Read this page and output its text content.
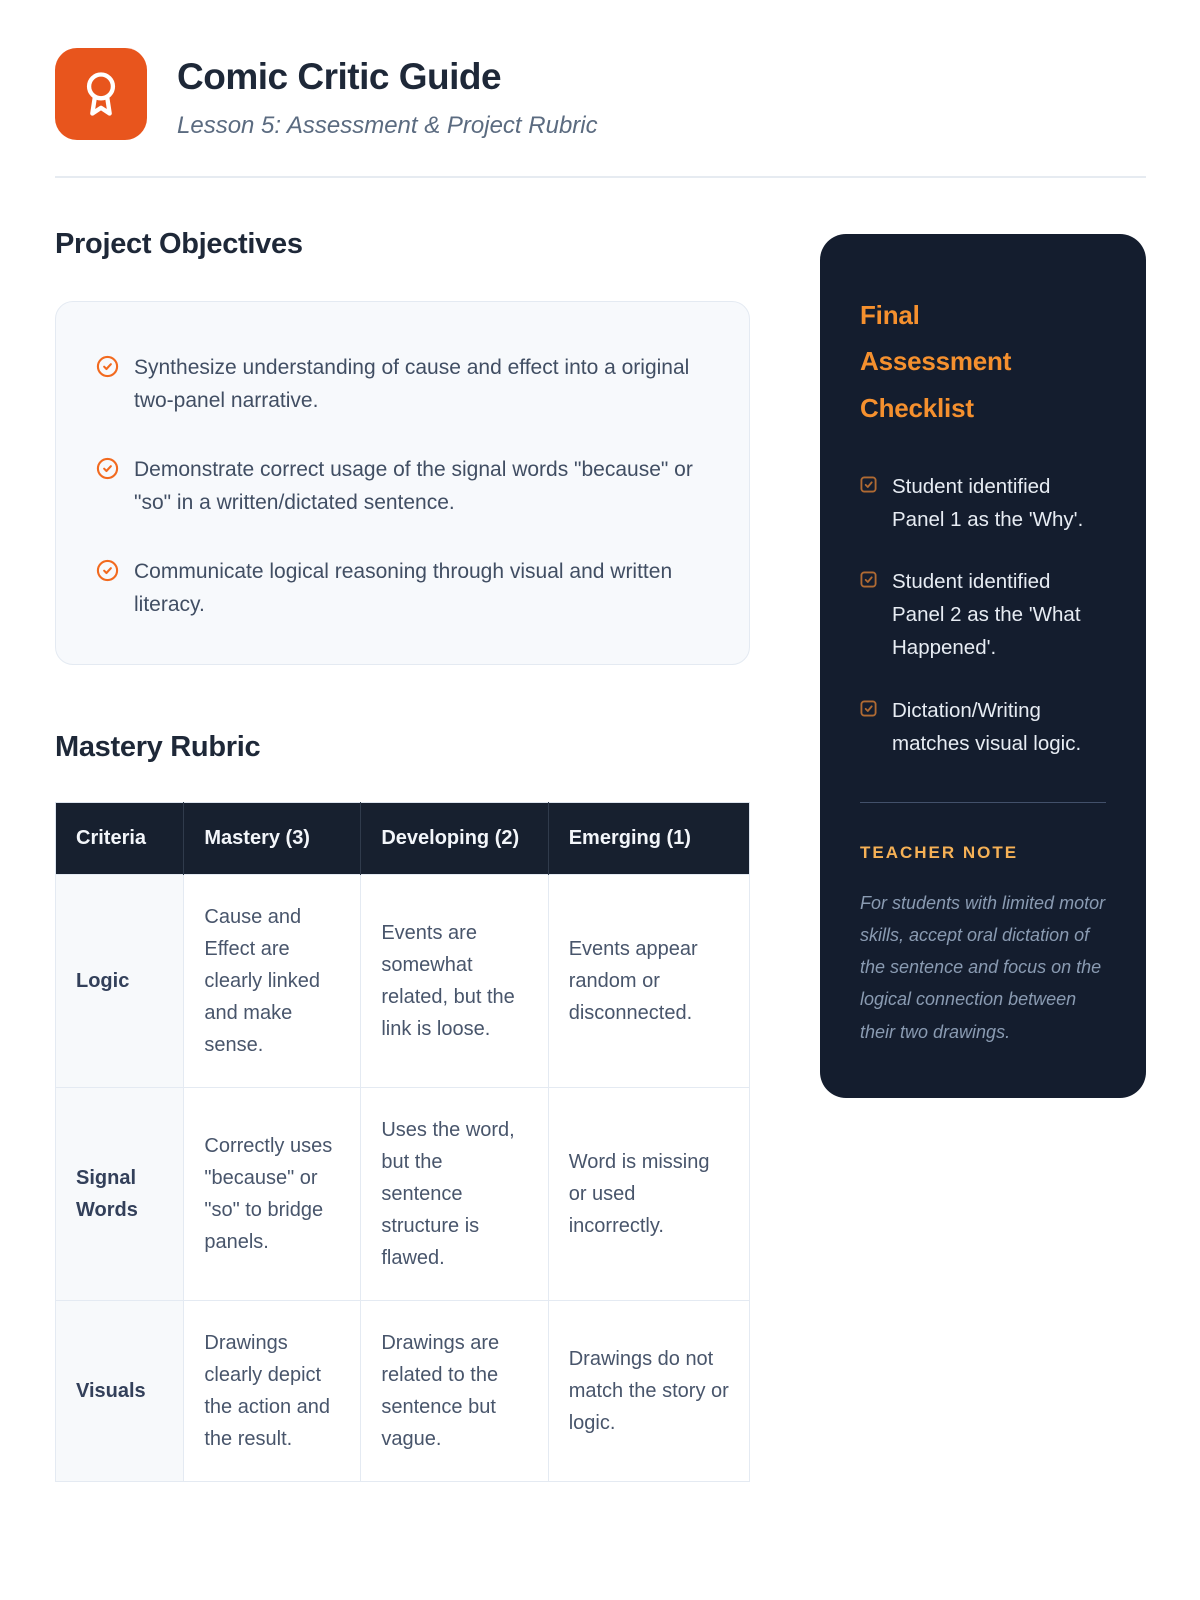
Comic Critic Guide
Lesson 5: Assessment & Project Rubric
Project Objectives
Synthesize understanding of cause and effect into a original two-panel narrative.
Demonstrate correct usage of the signal words "because" or "so" in a written/dictated sentence.
Communicate logical reasoning through visual and written literacy.
Mastery Rubric
Criteria	Mastery (3)	Developing (2)	Emerging (1)
Logic	Cause and Effect are clearly linked and make sense.	Events are somewhat related, but the link is loose.	Events appear random or disconnected.
Signal Words	Correctly uses "because" or "so" to bridge panels.	Uses the word, but the sentence structure is flawed.	Word is missing or used incorrectly.
Visuals	Drawings clearly depict the action and the result.	Drawings are related to the sentence but vague.	Drawings do not match the story or logic.
Final Assessment Checklist
Student identified Panel 1 as the 'Why'.
Student identified Panel 2 as the 'What Happened'.
Dictation/Writing matches visual logic.
TEACHER NOTE
For students with limited motor skills, accept oral dictation of the sentence and focus on the logical connection between their two drawings.
